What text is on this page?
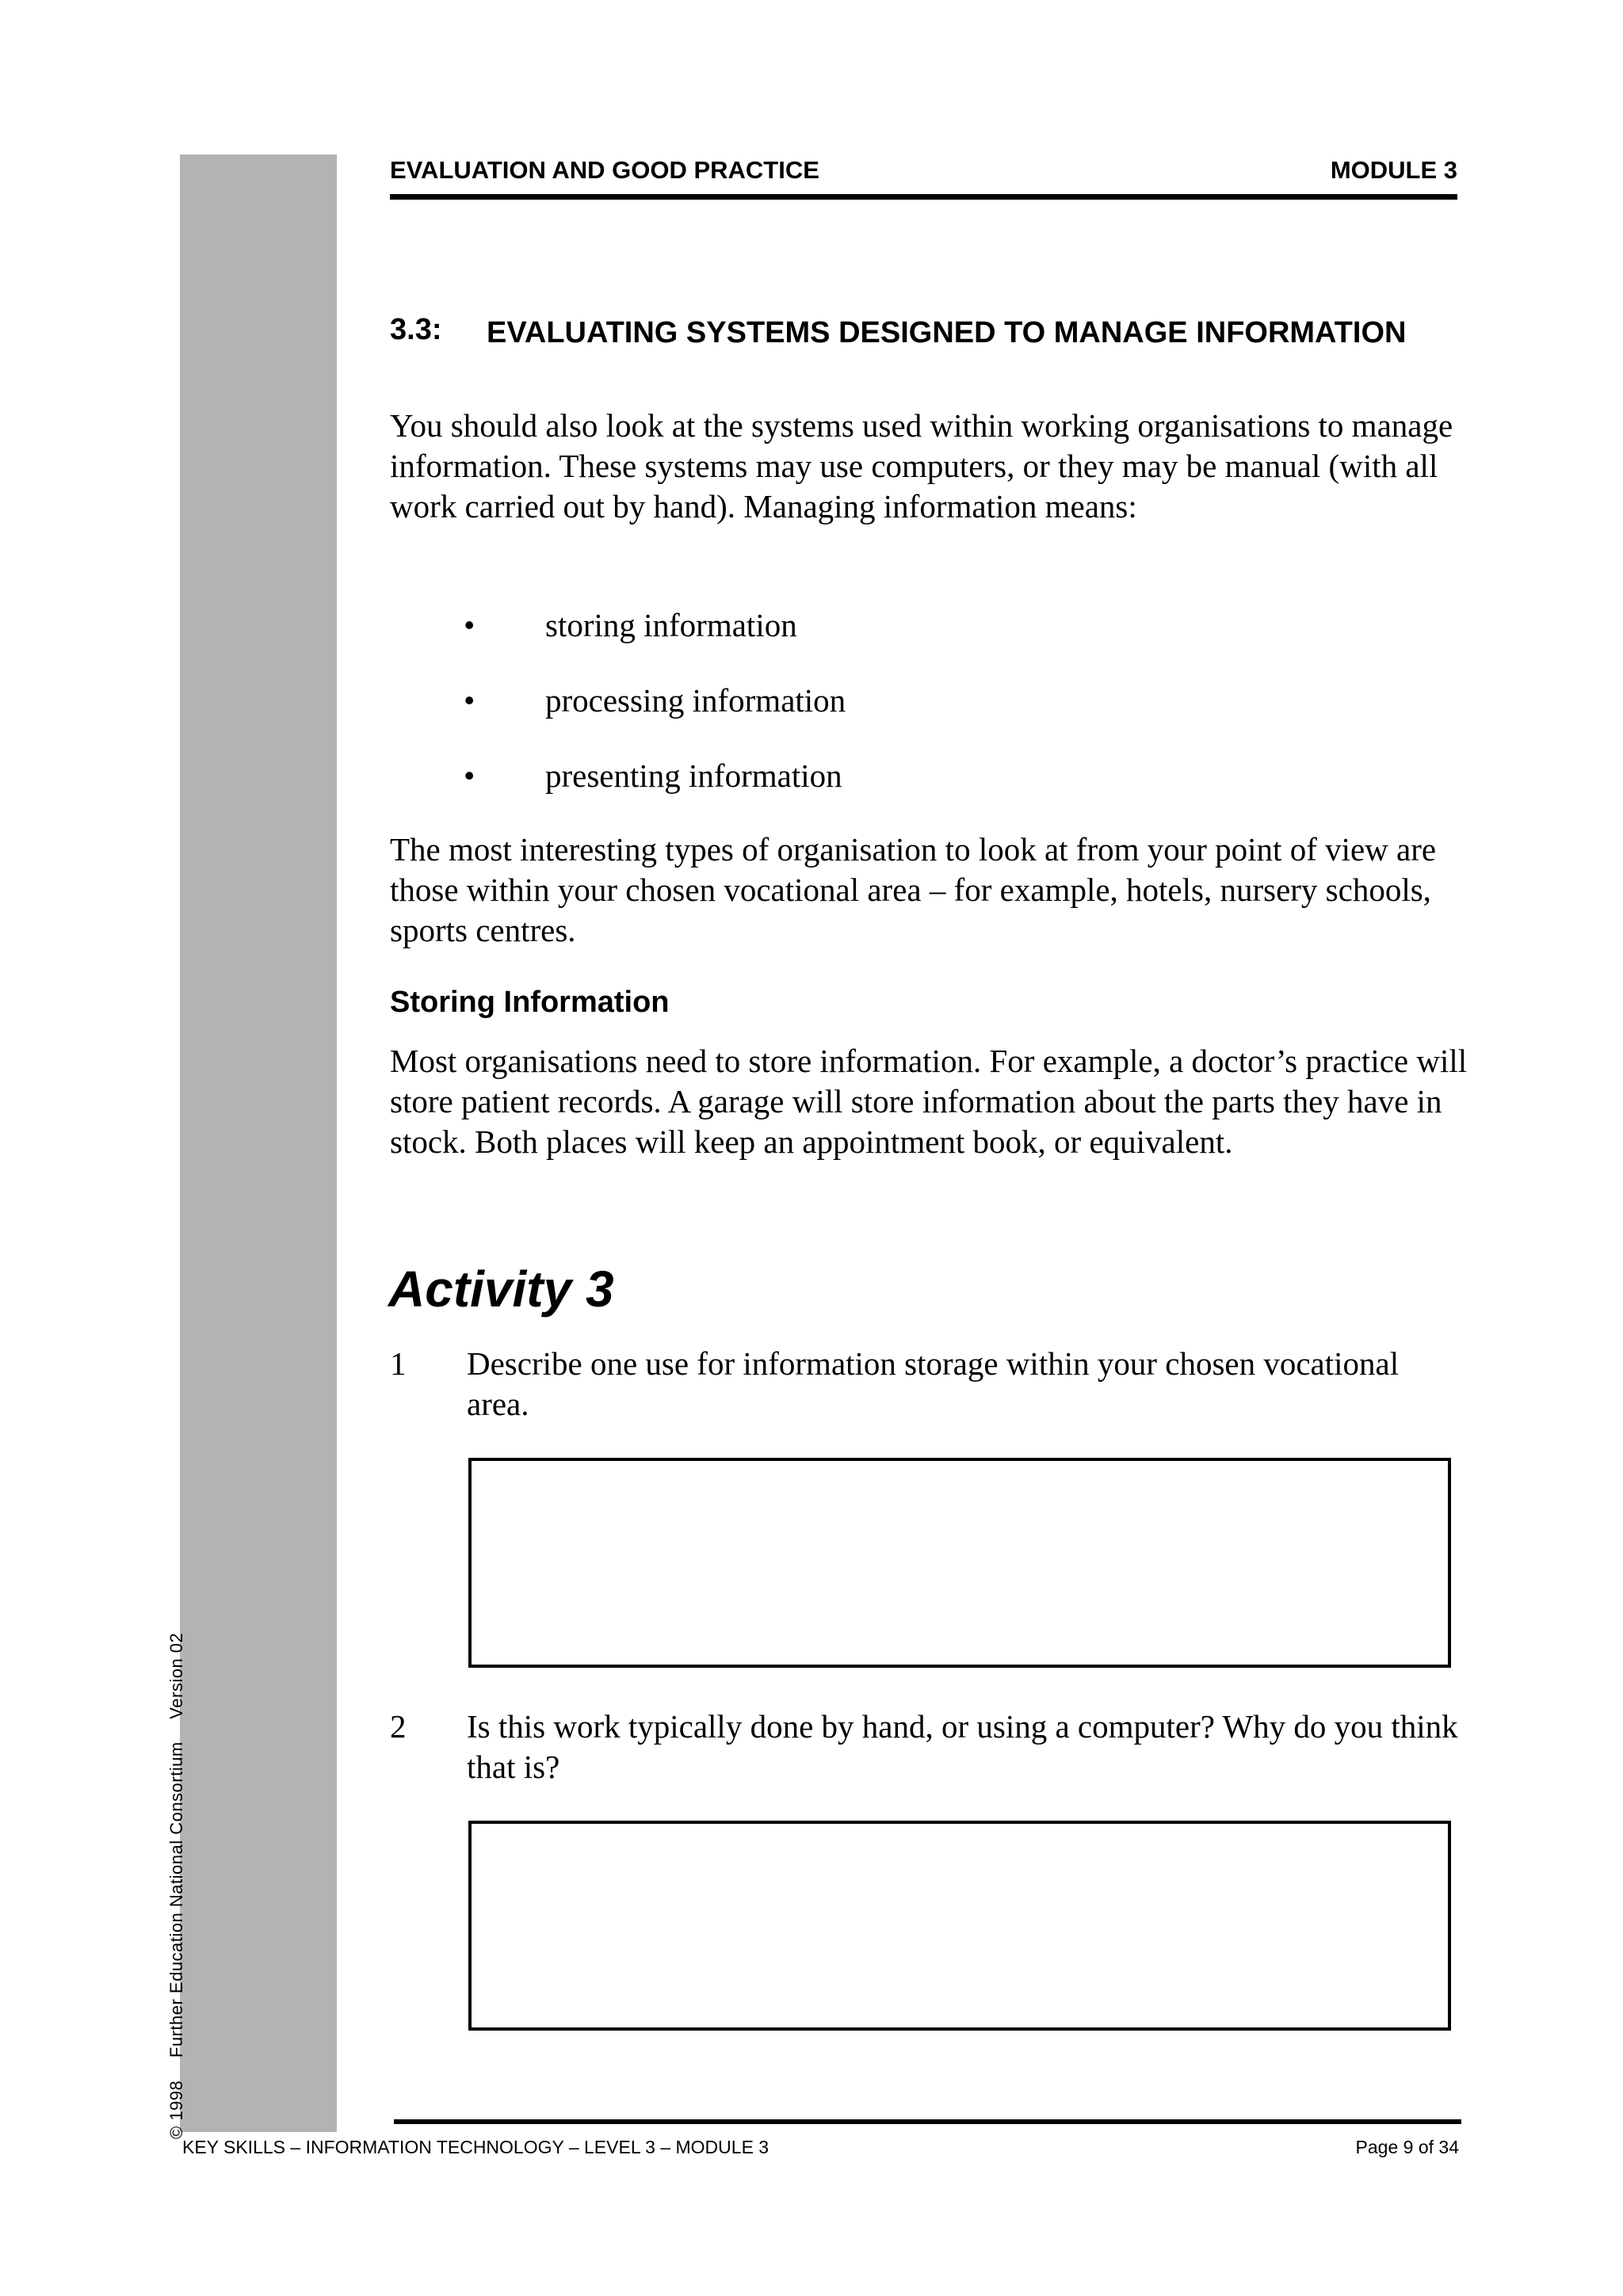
© 1998 Further Education National Consortium Version 02
EVALUATION AND GOOD PRACTICE	MODULE 3
3.3: EVALUATING SYSTEMS DESIGNED TO MANAGE INFORMATION
You should also look at the systems used within working organisations to manage information. These systems may use computers, or they may be manual (with all work carried out by hand). Managing information means:
• storing information
• processing information
• presenting information
The most interesting types of organisation to look at from your point of view are those within your chosen vocational area – for example, hotels, nursery schools, sports centres.
Storing Information
Most organisations need to store information. For example, a doctor’s practice will store patient records. A garage will store information about the parts they have in stock. Both places will keep an appointment book, or equivalent.
Activity 3
1 Describe one use for information storage within your chosen vocational area.
2 Is this work typically done by hand, or using a computer? Why do you think that is?
KEY SKILLS – INFORMATION TECHNOLOGY – LEVEL 3 – MODULE 3	Page 9 of 34
